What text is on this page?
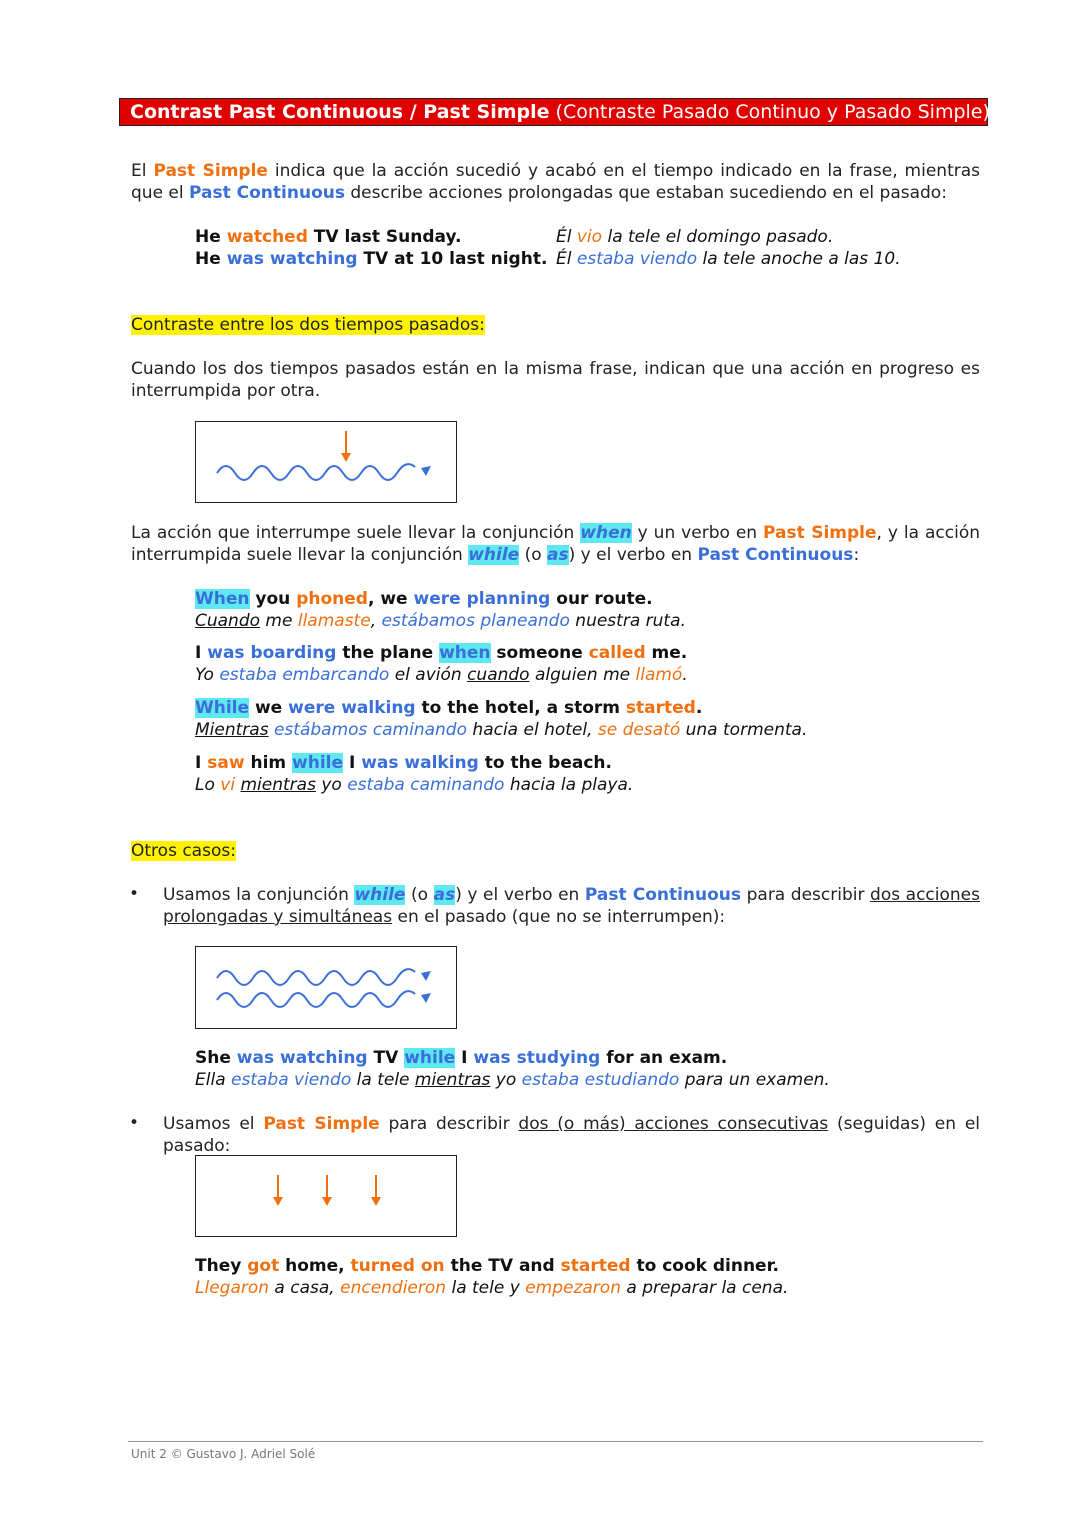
Contrast Past Continuous / Past Simple (Contraste Pasado Continuo y Pasado Simple)
El Past Simple indica que la acción sucedió y acabó en el tiempo indicado en la frase, mientras que el Past Continuous describe acciones prolongadas que estaban sucediendo en el pasado:
He watched TV last Sunday.
He was watching TV at 10 last night.
Él vio la tele el domingo pasado.
Él estaba viendo la tele anoche a las 10.
Contraste entre los dos tiempos pasados:
Cuando los dos tiempos pasados están en la misma frase, indican que una acción en progreso es interrumpida por otra.
La acción que interrumpe suele llevar la conjunción when y un verbo en Past Simple, y la acción interrumpida suele llevar la conjunción while (o as) y el verbo en Past Continuous:
When you phoned, we were planning our route.
Cuando me llamaste, estábamos planeando nuestra ruta.
I was boarding the plane when someone called me.
Yo estaba embarcando el avión cuando alguien me llamó.
While we were walking to the hotel, a storm started.
Mientras estábamos caminando hacia el hotel, se desató una tormenta.
I saw him while I was walking to the beach.
Lo vi mientras yo estaba caminando hacia la playa.
Otros casos:
• Usamos la conjunción while (o as) y el verbo en Past Continuous para describir dos acciones prolongadas y simultáneas en el pasado (que no se interrumpen):
She was watching TV while I was studying for an exam.
Ella estaba viendo la tele mientras yo estaba estudiando para un examen.
• Usamos el Past Simple para describir dos (o más) acciones consecutivas (seguidas) en el pasado:
They got home, turned on the TV and started to cook dinner.
Llegaron a casa, encendieron la tele y empezaron a preparar la cena.
Unit 2 © Gustavo J. Adriel Solé
